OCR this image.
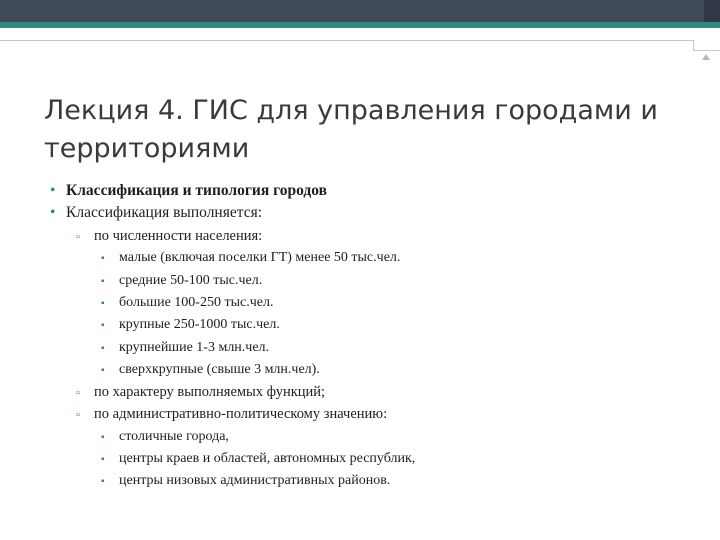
Лекция 4. ГИС для управления городами и территориями
• Классификация и типология городов
• Классификация выполняется:
▫ по численности населения:
▪ малые (включая поселки ГТ) менее 50 тыс.чел.
▪ средние 50-100 тыс.чел.
▪ большие 100-250 тыс.чел.
▪ крупные 250-1000 тыс.чел.
▪ крупнейшие 1-3 млн.чел.
▪ сверхкрупные (свыше 3 млн.чел).
▫ по характеру выполняемых функций;
▫ по административно-политическому значению:
▪ столичные города,
▪ центры краев и областей, автономных республик,
▪ центры низовых административных районов.
